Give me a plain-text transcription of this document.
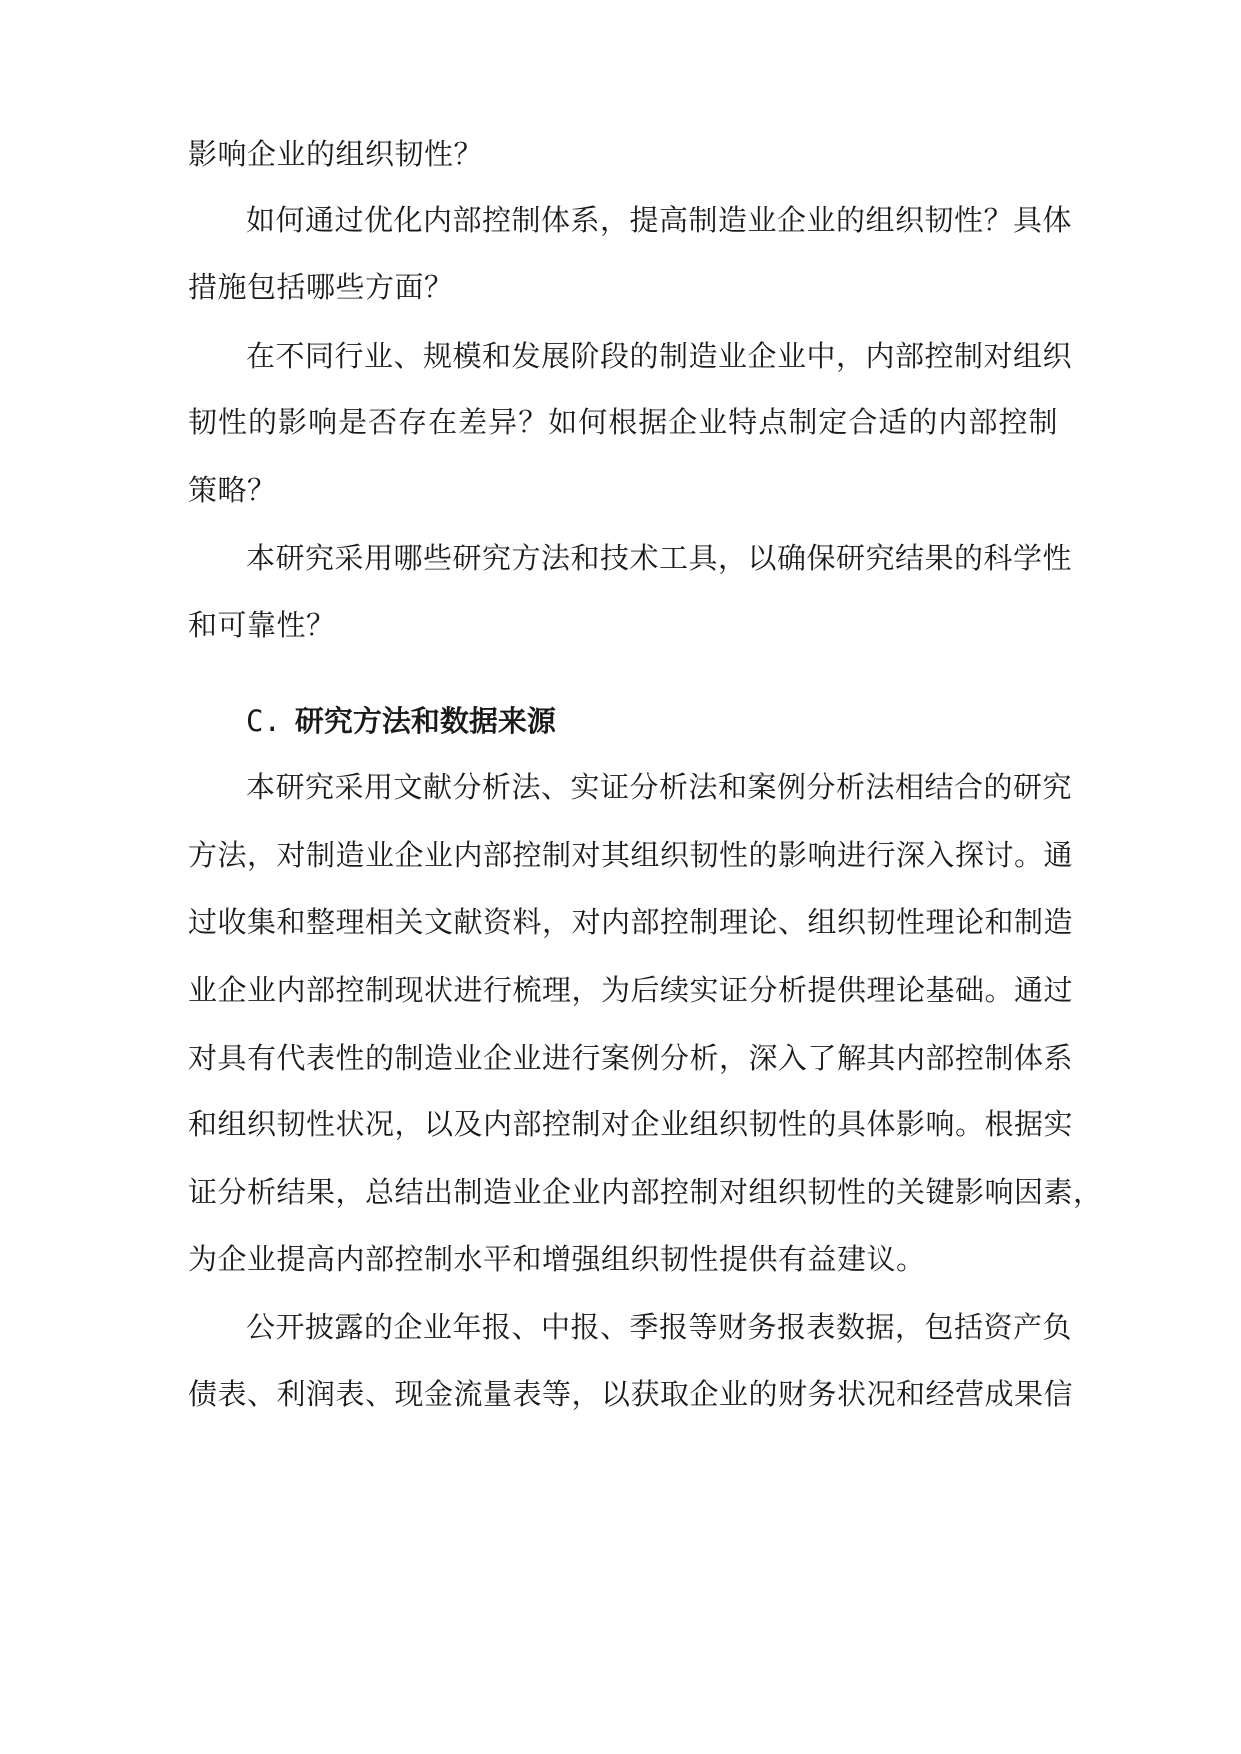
影响企业的组织韧性？
如何通过优化内部控制体系，提高制造业企业的组织韧性？具体
措施包括哪些方面？
在不同行业、规模和发展阶段的制造业企业中，内部控制对组织
韧性的影响是否存在差异？如何根据企业特点制定合适的内部控制
策略？
本研究采用哪些研究方法和技术工具，以确保研究结果的科学性
和可靠性？
C. 研究方法和数据来源
本研究采用文献分析法、实证分析法和案例分析法相结合的研究
方法，对制造业企业内部控制对其组织韧性的影响进行深入探讨。通
过收集和整理相关文献资料，对内部控制理论、组织韧性理论和制造
业企业内部控制现状进行梳理，为后续实证分析提供理论基础。通过
对具有代表性的制造业企业进行案例分析，深入了解其内部控制体系
和组织韧性状况，以及内部控制对企业组织韧性的具体影响。根据实
证分析结果，总结出制造业企业内部控制对组织韧性的关键影响因素，
为企业提高内部控制水平和增强组织韧性提供有益建议。
公开披露的企业年报、中报、季报等财务报表数据，包括资产负
债表、利润表、现金流量表等，以获取企业的财务状况和经营成果信
